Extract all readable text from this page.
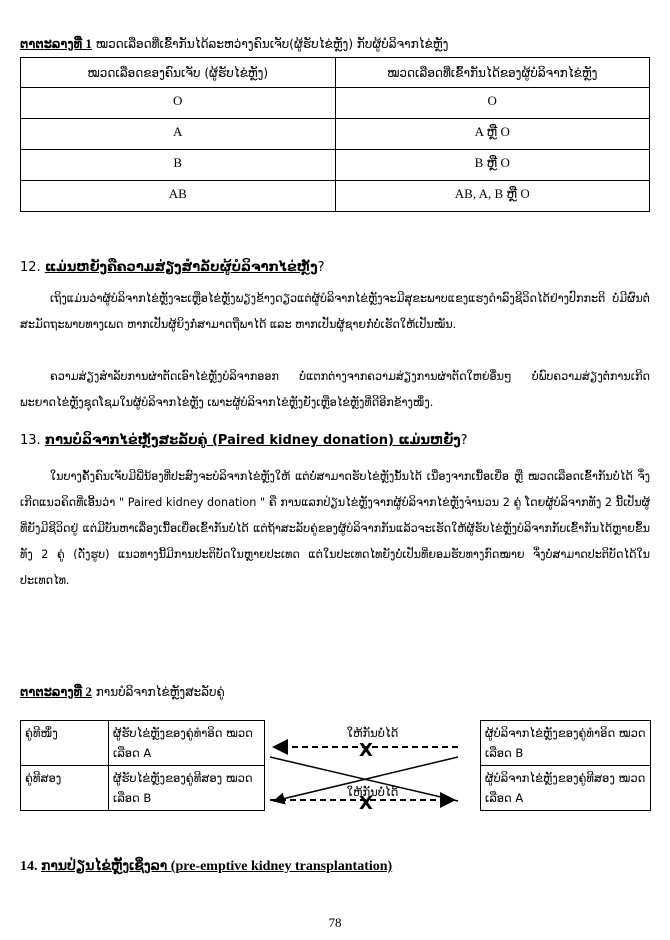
ຕາຕະລາງທີ່ 1 ໝວດເລືອດທີ່ເຂົ້າກັນໄດ້ລະຫວ່າງຄົນເຈັບ(ຜູ້ຮັບໄຂ່ຫຼັງ) ກັບຜູ້ບໍລິຈາກໄຂ່ຫຼັງ
ໝວດເລືອດຂອງຄົນເຈັບ (ຜູ້ຮັບໄຂ່ຫຼັງ)	ໝວດເລືອດທີ່ເຂົ້າກັນໄດ້ຂອງຜູ້ບໍລິຈາກໄຂ່ຫຼັງ
O	O
A	A ຫຼື O
B	B ຫຼື O
AB	AB, A, B ຫຼື O
12. ແມ່ນຫຍັງຄືຄວາມສ່ຽງສໍາລັບຜູ້ບໍລິຈາກໄຂ່ຫຼັງ?

ເຖິງແມ່ນວ່າຜູ້ບໍລິຈາກໄຂ່ຫຼັງຈະເຫຼືອໄຂ່ຫຼັງພຽງຂ້າງດຽວແຕ່ຜູ້ບໍລິຈາກໄຂ່ຫຼັງຈະມີສຸຂະພາບແຂງແຮງດໍາລົງຊີວິດໄດ້ຢ່າງປົກກະຕິ ບໍ່ມີຜົນຕໍ່ສະມັດຖະພາບທາງເພດ ຫາກເປັນຜູ້ຍິງກໍ່ສາມາດຖືພາໄດ້ ແລະ ຫາກເປັນຜູ້ຊາຍກໍ່ບໍ່ເຮັດໃຫ້ເປັນໝັນ.

ຄວາມສ່ຽງສໍາລັບການຜ່າຕັດເອົາໄຂ່ຫຼັງບໍລິຈາກອອກ ບໍ່ແຕກຕ່າງຈາກຄວາມສ່ຽງການຜ່າຕັດໃຫຍ່ອື່ນໆ ບໍ່ພົບຄວາມສ່ຽງຕໍ່ການເກີດພະຍາດໄຂ່ຫຼັງຊຸດໂຊມໃນຜູ້ບໍລິຈາກໄຂ່ຫຼັງ ເພາະຜູ້ບໍລິຈາກໄຂ່ຫຼັງຍັງເຫຼືອໄຂ່ຫຼັງທີ່ດີອີກຂ້າງໜຶ່ງ.

13. ການບໍລິຈາກໄຂ່ຫຼັງສະລັບຄູ່ (Paired kidney donation) ແມ່ນຫຍັງ?

ໃນບາງຄັ້ງຄົນເຈັບມີພີ່ນ້ອງທີ່ປະສົງຈະບໍລິຈາກໄຂ່ຫຼັງໃຫ້ ແຕ່ບໍ່ສາມາດຮັບໄຂ່ຫຼັງນັ້ນໄດ້ ເນື່ອງຈາກເນື້ອເຍື່ອ ຫຼື ໝວດເລືອດເຂົ້າກັນບໍ່ໄດ້ ຈຶ່ງເກີດແນວຄິດທີ່ເອີ້ນວ່າ " Paired kidney donation " ຄື ການແລກປ່ຽນໄຂ່ຫຼັງຈາກຜູ້ບໍລິຈາກໄຂ່ຫຼັງຈໍານວນ 2 ຄູ່ ໂດຍຜູ້ບໍລິຈາກທັງ 2 ນີ້ເປັນຜູ້ທີ່ຍັງມີຊີວິດຢູ່ ແຕ່ມີບັນຫາເລື່ອງເນື້ອເຍື່ອເຂົ້າກັນບໍ່ໄດ້ ແຕ່ຖ້າສະລັບຄູ່ຂອງຜູ້ບໍລິຈາກກັນແລ້ວຈະເຮັດໃຫ້ຜູ້ຮັບໄຂ່ຫຼັງບໍລິຈາກກັບເຂົ້າກັນໄດ້ຫຼາຍຂຶ້ນທັງ 2 ຄູ່ (ດັ່ງຮູບ) ແນວທາງນີ້ມີການປະຕິບັດໃນຫຼາຍປະເທດ ແຕ່ໃນປະເທດໄທຍັງບໍ່ເປັນທີ່ຍອມຮັບທາງກົດໝາຍ ຈຶ່ງບໍ່ສາມາດປະຕິບັດໄດ້ໃນປະເທດໄທ.

ຕາຕະລາງທີ່ 2 ການບໍລິຈາກໄຂ່ຫຼັງສະລັບຄູ່
ຄູ່ທີໜຶ່ງ	ຜູ້ຮັບໄຂ່ຫຼັງຂອງຄູ່ທໍາອິດ ໝວດເລືອດ A	ໃຫ້ກັນບໍ່ໄດ້	ຜູ້ບໍລິຈາກໄຂ່ຫຼັງຂອງຄູ່ທໍາອິດ ໝວດເລືອດ B
ຄູ່ທີສອງ	ຜູ້ຮັບໄຂ່ຫຼັງຂອງຄູ່ທີສອງ ໝວດເລືອດ B	ໃຫ້ກັນບໍ່ໄດ້	ຜູ້ບໍລິຈາກໄຂ່ຫຼັງຂອງຄູ່ທີສອງ ໝວດເລືອດ A
X
X
14. ການປ່ຽນໄຂ່ຫຼັງເຊິ່ງລາ (pre-emptive kidney transplantation)
78
